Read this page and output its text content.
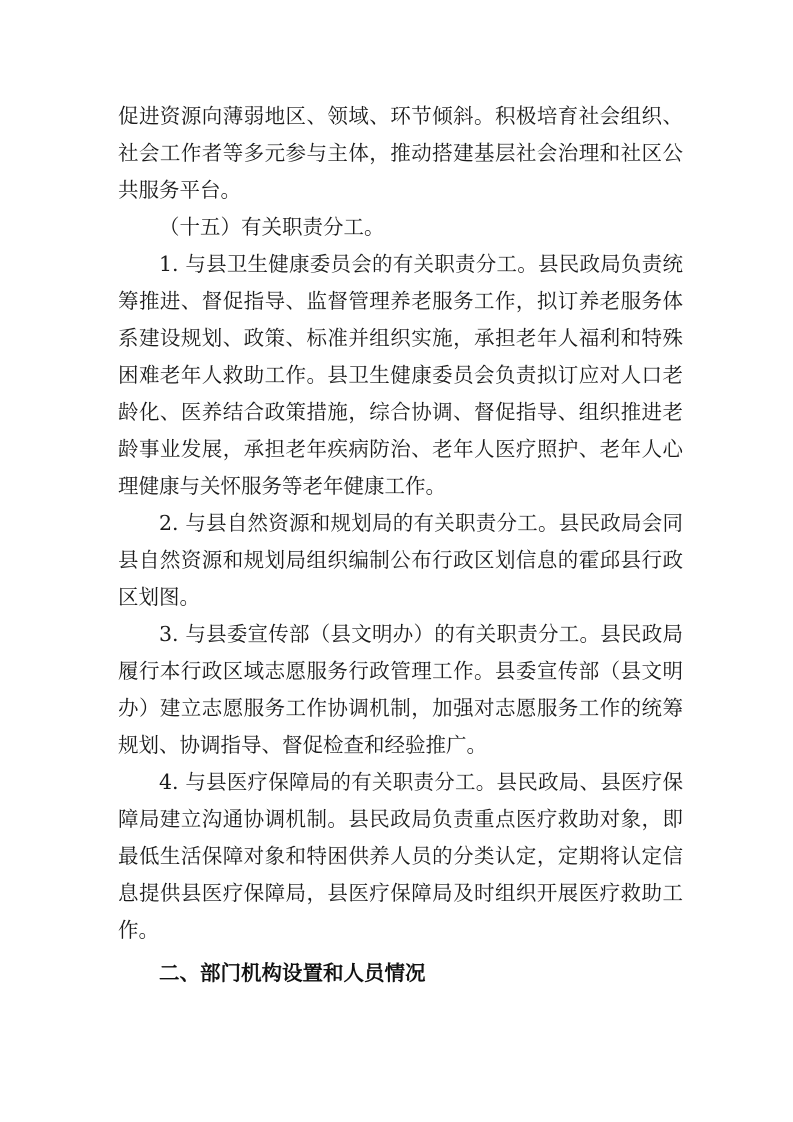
促进资源向薄弱地区、领域、环节倾斜。积极培育社会组织、社会工作者等多元参与主体，推动搭建基层社会治理和社区公共服务平台。

（十五）有关职责分工。

1. 与县卫生健康委员会的有关职责分工。县民政局负责统筹推进、督促指导、监督管理养老服务工作，拟订养老服务体系建设规划、政策、标准并组织实施，承担老年人福利和特殊困难老年人救助工作。县卫生健康委员会负责拟订应对人口老龄化、医养结合政策措施，综合协调、督促指导、组织推进老龄事业发展，承担老年疾病防治、老年人医疗照护、老年人心理健康与关怀服务等老年健康工作。

2. 与县自然资源和规划局的有关职责分工。县民政局会同县自然资源和规划局组织编制公布行政区划信息的霍邱县行政区划图。

3. 与县委宣传部（县文明办）的有关职责分工。县民政局履行本行政区域志愿服务行政管理工作。县委宣传部（县文明办）建立志愿服务工作协调机制，加强对志愿服务工作的统筹规划、协调指导、督促检查和经验推广。

4. 与县医疗保障局的有关职责分工。县民政局、县医疗保障局建立沟通协调机制。县民政局负责重点医疗救助对象，即最低生活保障对象和特困供养人员的分类认定，定期将认定信息提供县医疗保障局，县医疗保障局及时组织开展医疗救助工作。

二、部门机构设置和人员情况
